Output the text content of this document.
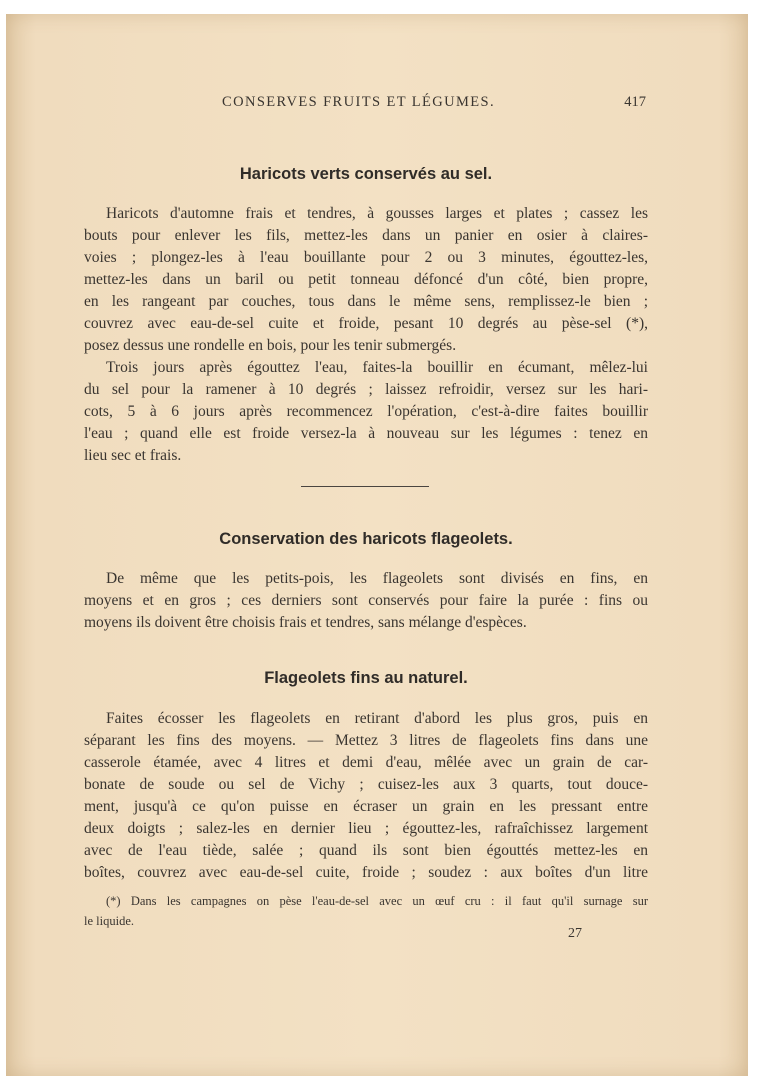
CONSERVES FRUITS ET LÉGUMES.	417
Haricots verts conservés au sel.
Haricots d'automne frais et tendres, à gousses larges et plates ; cassez les
bouts pour enlever les fils, mettez-les dans un panier en osier à claires-
voies ; plongez-les à l'eau bouillante pour 2 ou 3 minutes, égouttez-les,
mettez-les dans un baril ou petit tonneau défoncé d'un côté, bien propre,
en les rangeant par couches, tous dans le même sens, remplissez-le bien ;
couvrez avec eau-de-sel cuite et froide, pesant 10 degrés au pèse-sel (*),
posez dessus une rondelle en bois, pour les tenir submergés.
Trois jours après égouttez l'eau, faites-la bouillir en écumant, mêlez-lui
du sel pour la ramener à 10 degrés ; laissez refroidir, versez sur les hari-
cots, 5 à 6 jours après recommencez l'opération, c'est-à-dire faites bouillir
l'eau ; quand elle est froide versez-la à nouveau sur les légumes : tenez en
lieu sec et frais.
Conservation des haricots flageolets.
De même que les petits-pois, les flageolets sont divisés en fins, en
moyens et en gros ; ces derniers sont conservés pour faire la purée : fins ou
moyens ils doivent être choisis frais et tendres, sans mélange d'espèces.
Flageolets fins au naturel.
Faites écosser les flageolets en retirant d'abord les plus gros, puis en
séparant les fins des moyens. — Mettez 3 litres de flageolets fins dans une
casserole étamée, avec 4 litres et demi d'eau, mêlée avec un grain de car-
bonate de soude ou sel de Vichy ; cuisez-les aux 3 quarts, tout douce-
ment, jusqu'à ce qu'on puisse en écraser un grain en les pressant entre
deux doigts ; salez-les en dernier lieu ; égouttez-les, rafraîchissez largement
avec de l'eau tiède, salée ; quand ils sont bien égouttés mettez-les en
boîtes, couvrez avec eau-de-sel cuite, froide ; soudez : aux boîtes d'un litre
(*) Dans les campagnes on pèse l'eau-de-sel avec un œuf cru : il faut qu'il surnage sur
le liquide.
27
